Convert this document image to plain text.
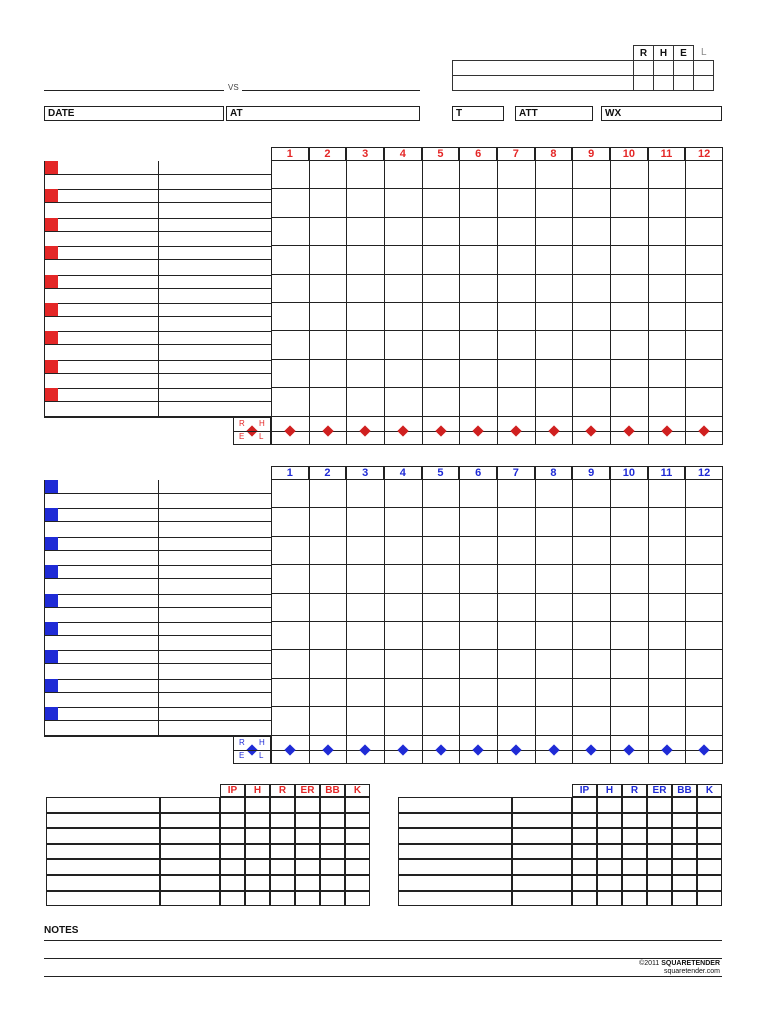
VS
	R	H	E	L

DATE	AT	T	ATT	WX
1	2	3	4	5	6	7	8	9	10	11	12
R H
E L
1	2	3	4	5	6	7	8	9	10	11	12
R H
E L
IP	H	R	ER	BB	K	IP	H	R	ER	BB	K
NOTES
©2011 SQUARETENDER
squaretender.com
